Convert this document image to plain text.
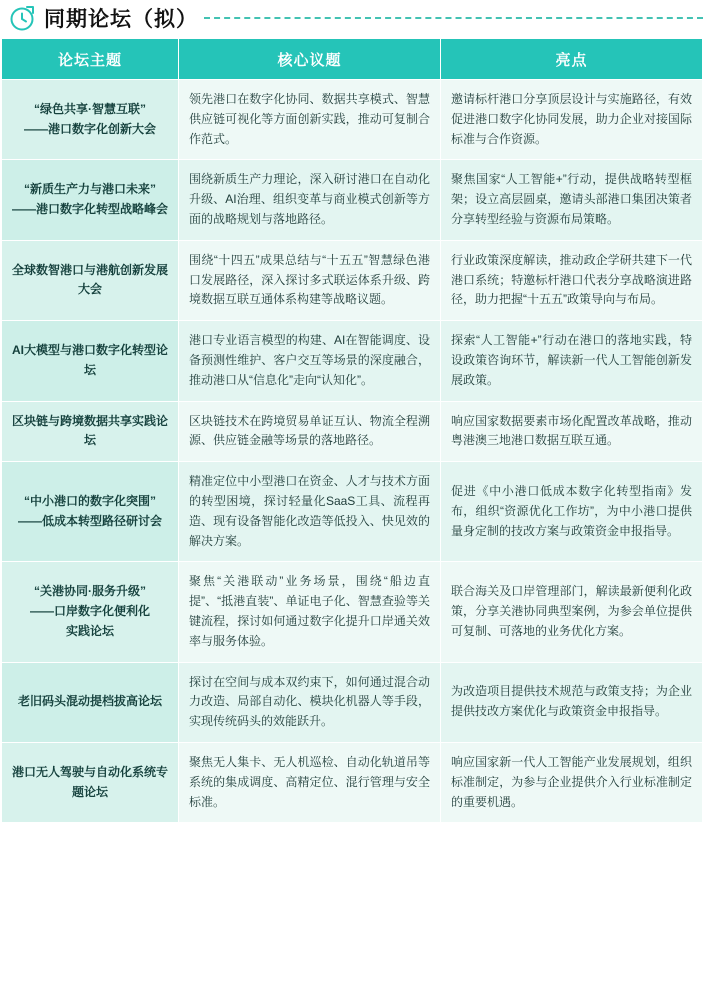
同期论坛（拟）
论坛主题	核心议题	亮点

“绿色共享·智慧互联”
——港口数字化创新大会	领先港口在数字化协同、数据共享模式、智慧供应链可视化等方面创新实践，推动可复制合作范式。	邀请标杆港口分享顶层设计与实施路径，有效促进港口数字化协同发展，助力企业对接国际标准与合作资源。

“新质生产力与港口未来”
——港口数字化转型战略峰会	围绕新质生产力理论，深入研讨港口在自动化升级、AI治理、组织变革与商业模式创新等方面的战略规划与落地路径。	聚焦国家“人工智能+”行动，提供战略转型框架；设立高层圆桌，邀请头部港口集团决策者分享转型经验与资源布局策略。

全球数智港口与港航创新发展大会	围绕“十四五”成果总结与“十五五”智慧绿色港口发展路径，深入探讨多式联运体系升级、跨境数据互联互通体系构建等战略议题。	行业政策深度解读，推动政企学研共建下一代港口系统；特邀标杆港口代表分享战略演进路径，助力把握“十五五”政策导向与布局。

AI大模型与港口数字化转型论坛	港口专业语言模型的构建、AI在智能调度、设备预测性维护、客户交互等场景的深度融合，推动港口从“信息化”走向“认知化”。	探索“人工智能+”行动在港口的落地实践，特设政策咨询环节，解读新一代人工智能创新发展政策。

区块链与跨境数据共享实践论坛	区块链技术在跨境贸易单证互认、物流全程溯源、供应链金融等场景的落地路径。	响应国家数据要素市场化配置改革战略，推动粤港澳三地港口数据互联互通。

“中小港口的数字化突围”
——低成本转型路径研讨会	精准定位中小型港口在资金、人才与技术方面的转型困境，探讨轻量化SaaS工具、流程再造、现有设备智能化改造等低投入、快见效的解决方案。	促进《中小港口低成本数字化转型指南》发布，组织“资源优化工作坊”，为中小港口提供量身定制的技改方案与政策资金申报指导。

“关港协同·服务升级”
——口岸数字化便利化
实践论坛	聚焦“关港联动”业务场景，围绕“船边直提”、“抵港直装”、单证电子化、智慧查验等关键流程，探讨如何通过数字化提升口岸通关效率与服务体验。	联合海关及口岸管理部门，解读最新便利化政策，分享关港协同典型案例，为参会单位提供可复制、可落地的业务优化方案。

老旧码头混动提档拔高论坛	探讨在空间与成本双约束下，如何通过混合动力改造、局部自动化、模块化机器人等手段，实现传统码头的效能跃升。	为改造项目提供技术规范与政策支持；为企业提供技改方案优化与政策资金申报指导。

港口无人驾驶与自动化系统专题论坛	聚焦无人集卡、无人机巡检、自动化轨道吊等系统的集成调度、高精定位、混行管理与安全标准。	响应国家新一代人工智能产业发展规划，组织标准制定，为参与企业提供介入行业标准制定的重要机遇。
